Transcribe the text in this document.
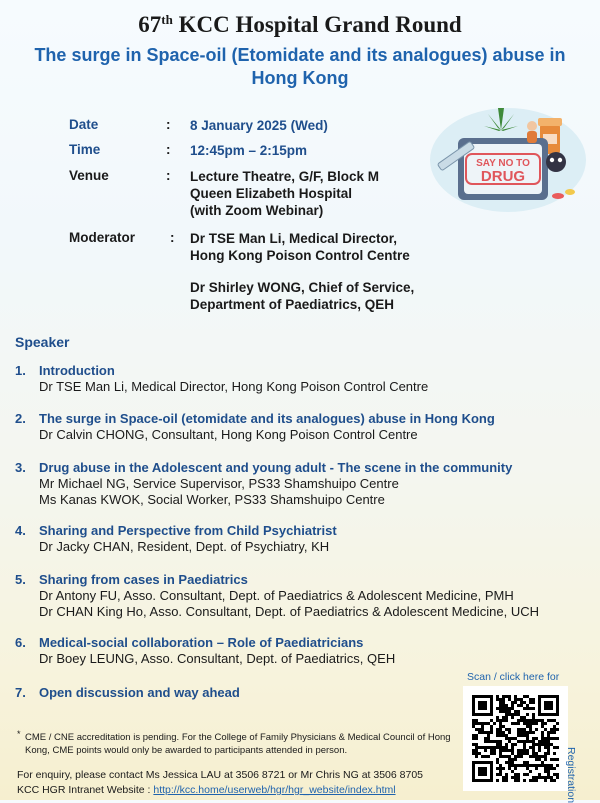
67th KCC Hospital Grand Round
The surge in Space-oil (Etomidate and its analogues) abuse in Hong Kong
Date	: 8 January 2025 (Wed)
Time	: 12:45pm – 2:15pm
Venue	: Lecture Theatre, G/F, Block M
Queen Elizabeth Hospital
(with Zoom Webinar)
Moderator	: Dr TSE Man Li, Medical Director,
Hong Kong Poison Control Centre
Dr Shirley WONG, Chief of Service,
Department of Paediatrics, QEH
SAY NO TO
DRUG
Speaker
1. Introduction
Dr TSE Man Li, Medical Director, Hong Kong Poison Control Centre
2. The surge in Space-oil (etomidate and its analogues) abuse in Hong Kong
Dr Calvin CHONG, Consultant, Hong Kong Poison Control Centre
3. Drug abuse in the Adolescent and young adult - The scene in the community
Mr Michael NG, Service Supervisor, PS33 Shamshuipo Centre
Ms Kanas KWOK, Social Worker, PS33 Shamshuipo Centre
4. Sharing and Perspective from Child Psychiatrist
Dr Jacky CHAN, Resident, Dept. of Psychiatry, KH
5. Sharing from cases in Paediatrics
Dr Antony FU, Asso. Consultant, Dept. of Paediatrics & Adolescent Medicine, PMH
Dr CHAN King Ho, Asso. Consultant, Dept. of Paediatrics & Adolescent Medicine, UCH
6. Medical-social collaboration – Role of Paediatricians
Dr Boey LEUNG, Asso. Consultant, Dept. of Paediatrics, QEH
7. Open discussion and way ahead
Scan / click here for
Registration
* CME / CNE accreditation is pending. For the College of Family Physicians & Medical Council of Hong Kong, CME points would only be awarded to participants attended in person.
For enquiry, please contact Ms Jessica LAU at 3506 8721 or Mr Chris NG at 3506 8705
KCC HGR Intranet Website : http://kcc.home/userweb/hgr/hgr_website/index.html
